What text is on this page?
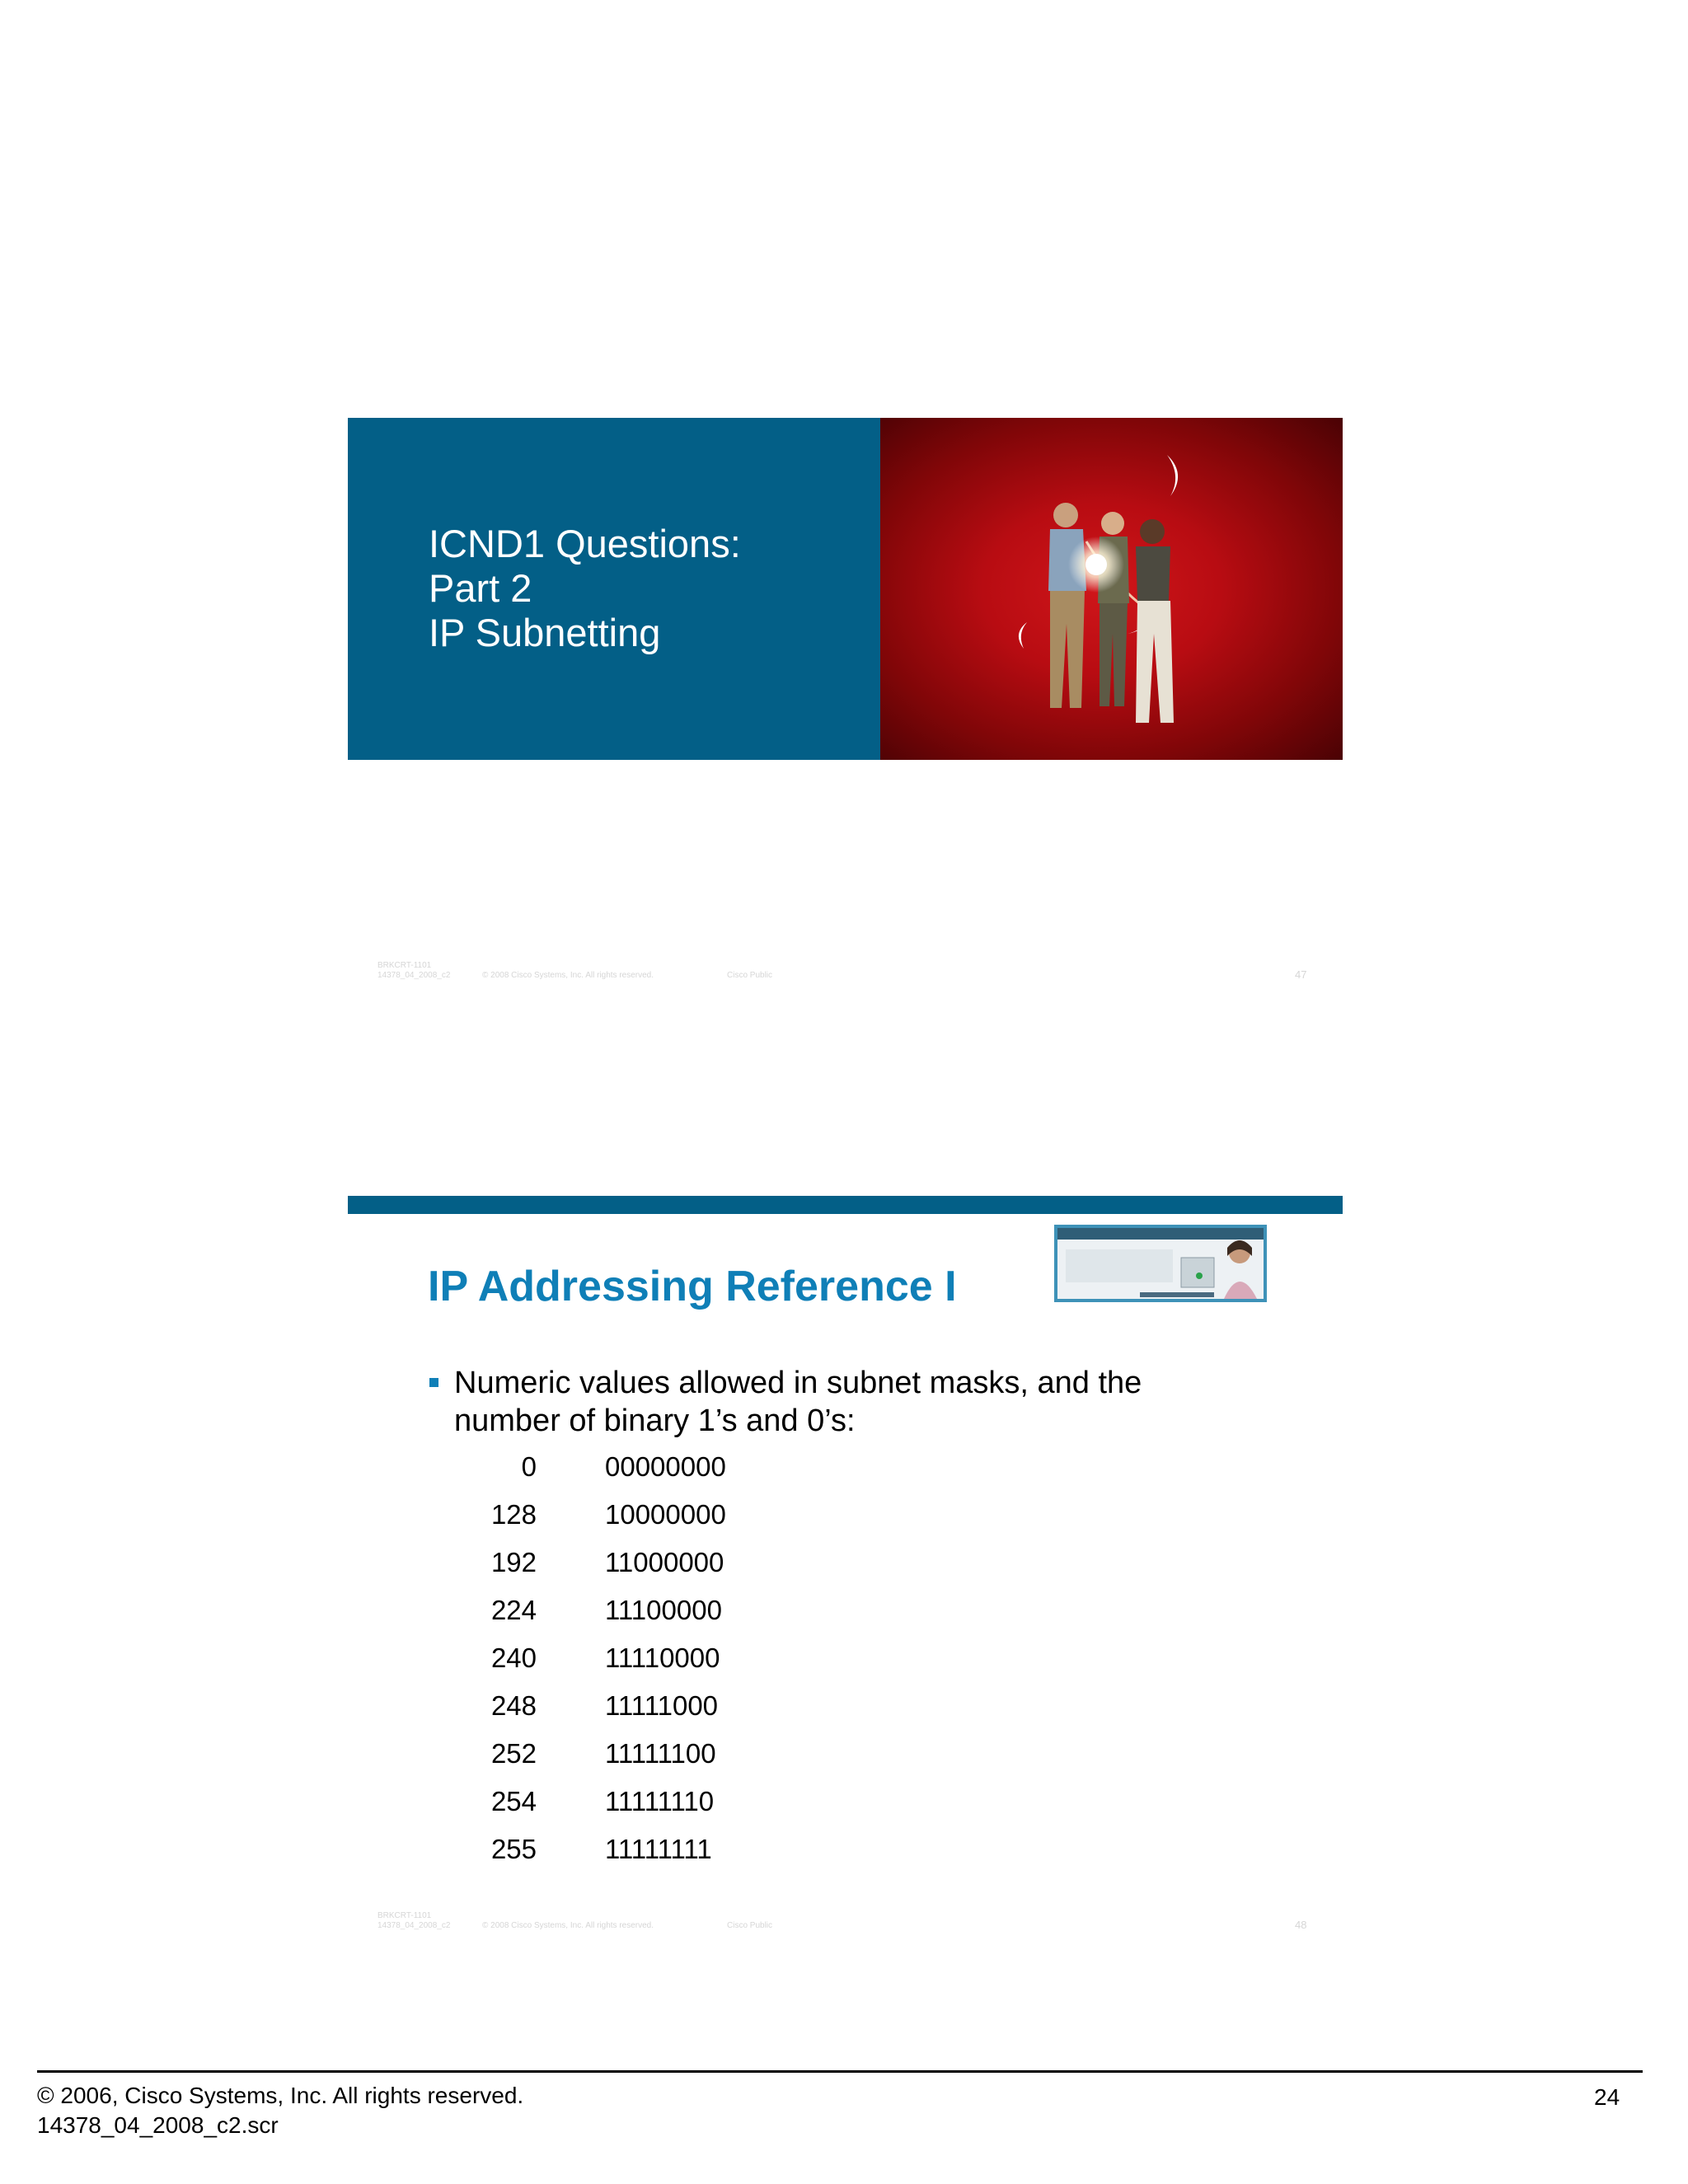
ICND1 Questions:
Part 2
IP Subnetting
BRKCRT-1101
14378_04_2008_c2	© 2008 Cisco Systems, Inc. All rights reserved.	Cisco Public	47
IP Addressing Reference I
Numeric values allowed in subnet masks, and the number of binary 1’s and 0’s:
0	00000000
128	10000000
192	11000000
224	11100000
240	11110000
248	11111000
252	11111100
254	11111110
255	11111111
BRKCRT-1101
14378_04_2008_c2	© 2008 Cisco Systems, Inc. All rights reserved.	Cisco Public	48
© 2006, Cisco Systems, Inc. All rights reserved.
14378_04_2008_c2.scr
24
